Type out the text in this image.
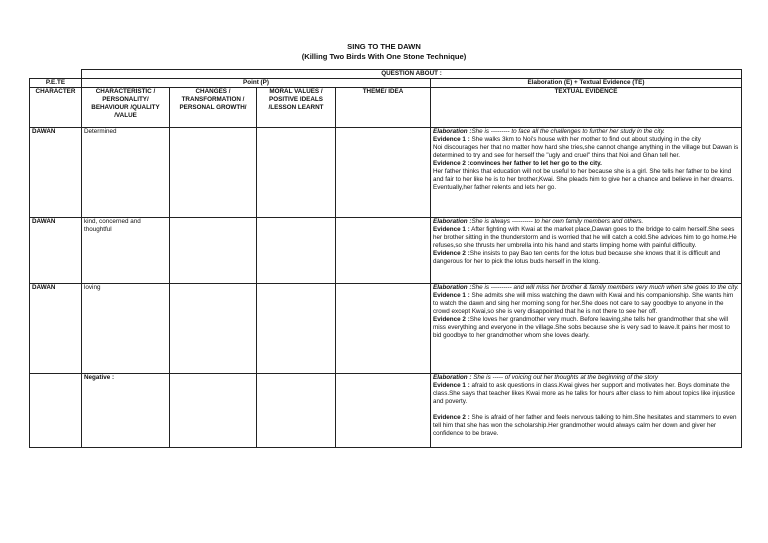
SING TO THE DAWN
(Killing Two Birds With One Stone Technique)
	QUESTION ABOUT :				
P.E.TE	Point (P)				Elaboration (E) + Textual Evidence (TE)
CHARACTER	CHARACTERISTIC / PERSONALITY/ BEHAVIOUR /QUALITY /VALUE	CHANGES / TRANSFORMATION / PERSONAL GROWTH/	MORAL VALUES / POSITIVE IDEALS /LESSON LEARNT	THEME/ IDEA	TEXTUAL EVIDENCE
DAWAN	Determined				Elaboration :She is --------- to face all the challenges to further her study in the city.

Evidence 1 : She walks 3km to Noi's house with her mother to find out about studying in the city

Noi discourages her that no matter how hard she tries,she cannot change anything in the village but Dawan is determined to try and see for herself the "ugly and cruel" thins that Noi and Ghan tell her.

Evidence 2 :convinces her father to let her go to the city.

Her father thinks that education will not be useful to her because she is a girl. She tells her father to be kind and fair to her like he is to her brother,Kwai. She pleads him to give her a chance and believe in her dreams. Eventually,her father relents and lets her go.

DAWAN	kind, concerned and thoughtful				Elaboration :She is always ---------- to her own family members and others.

Evidence 1 : After fighting with Kwai at the market place,Dawan goes to the bridge to calm herself.She sees her brother sitting in the thunderstorm and is worried that he will catch a cold.She advices him to go home.He refuses,so she thrusts her umbrella into his hand and starts limping home with painful difficulty.

Evidence 2 :She insists to pay Bao ten cents for the lotus bud because she knows that it is difficult and dangerous for her to pick the lotus buds herself in the klong.

DAWAN	loving				Elaboration :She is ---------- and will miss her brother & family members very much when she goes to the city.

Evidence 1 : She admits she will miss watching the dawn with Kwai and his companionship. She wants him to watch the dawn and sing her morning song for her.She does not care to say goodbye to anyone in the crowd except Kwai,so she is very disappointed that he is not there to see her off.

Evidence 2 :She loves her grandmother very much. Before leaving,she tells her grandmother that she will miss everything and everyone in the village.She sobs because she is very sad to leave.It pains her most to bid goodbye to her grandmother whom she loves dearly.

	Negative :				Elaboration : She is ----- of voicing out her thoughts at the beginning of the story

Evidence 1 : afraid to ask questions in class.Kwai gives her support and motivates her. Boys dominate the class.She says that teacher likes Kwai more as he talks for hours after class to him about topics like injustice and poverty.

Evidence 2 : She is afraid of her father and feels nervous talking to him.She hesitates and stammers to even tell him that she has won the scholarship.Her grandmother would always calm her down and giver her confidence to be brave.
